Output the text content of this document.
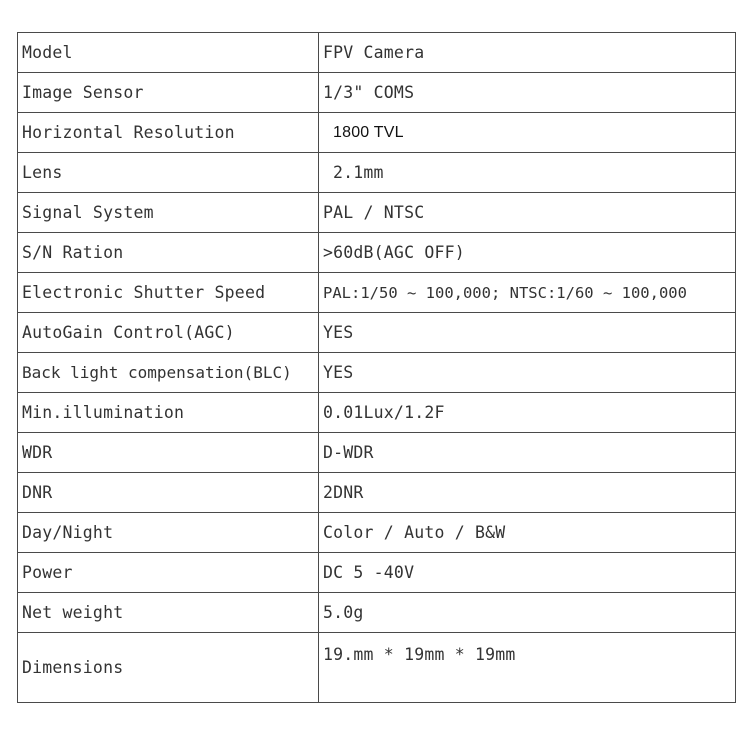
Model	FPV Camera
Image Sensor	1/3" COMS
Horizontal Resolution	1800 TVL
Lens	2.1mm
Signal System	PAL / NTSC
S/N Ration	>60dB(AGC OFF)
Electronic Shutter Speed	PAL:1/50 ~ 100,000; NTSC:1/60 ~ 100,000
AutoGain Control(AGC)	YES
Back light compensation(BLC)	YES
Min.illumination	0.01Lux/1.2F
WDR	D-WDR
DNR	2DNR
Day/Night	Color / Auto / B&W
Power	DC 5 -40V
Net weight	5.0g
Dimensions	19.mm * 19mm * 19mm
